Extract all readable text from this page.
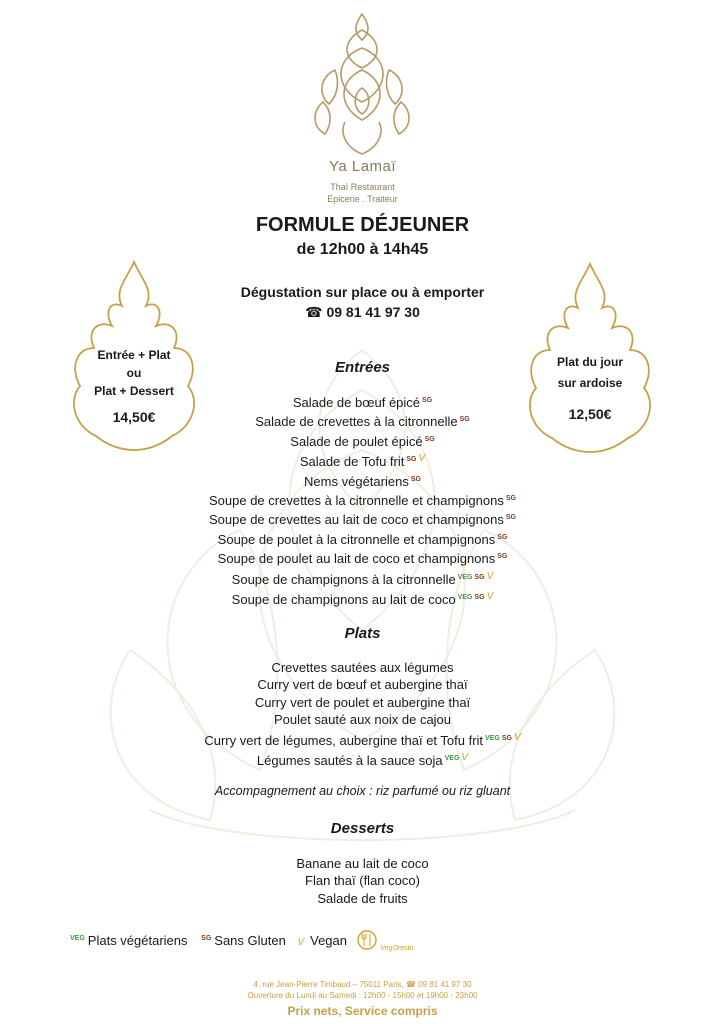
Ya Lamaï
Thaï Restaurant
Epicerie . Traiteur
FORMULE DÉJEUNER
de 12h00 à 14h45
Dégustation sur place ou à emporter
☎ 09 81 41 97 30
Entrée + Plat
ou
Plat + Dessert
14,50€
Plat du jour
sur ardoise
12,50€
Entrées
Salade de bœuf épicé $^{SG}$
Salade de crevettes à la citronnelle $^{SG}$
Salade de poulet épicé $^{SG}$
Salade de Tofu frit $^{SG}$ $^V$
Nems végétariens $^{SG}$
Soupe de crevettes à la citronnelle et champignons $^{SG}$
Soupe de crevettes au lait de coco et champignons $^{SG}$
Soupe de poulet à la citronnelle et champignons $^{SG}$
Soupe de poulet au lait de coco et champignons $^{SG}$
Soupe de champignons à la citronnelle $^{VEG}$ $^{SG}$ $^V$
Soupe de champignons au lait de coco $^{VEG}$ $^{SG}$ $^V$
Plats
Crevettes sautées aux légumes
Curry vert de bœuf et aubergine thaï
Curry vert de poulet et aubergine thaï
Poulet sauté aux noix de cajou
Curry vert de légumes, aubergine thaï et Tofu frit $^{VEG}$ $^{SG}$ $^V$
Légumes sautés à la sauce soja $^{VEG}$ $^V$
Accompagnement au choix : riz parfumé ou riz gluant
Desserts
Banane au lait de coco
Flan thaï (flan coco)
Salade de fruits
$^{VEG}$ Plats végétariens $^{SG}$ Sans Gluten V Vegan  VegOresto
4, rue Jean-Pierre Timbaud – 75011 Paris, ☎ 09 81 41 97 30
Ouverture du Lundi au Samedi : 12h00 - 15h00 et 19h00 - 23h00
Prix nets, Service compris
